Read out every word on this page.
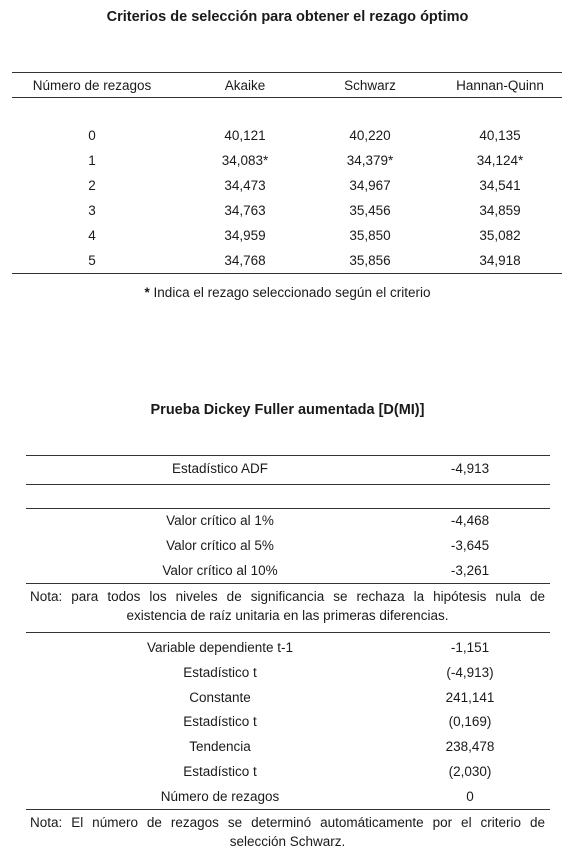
Criterios de selección para obtener el rezago óptimo
Número de rezagos	Akaike	Schwarz	Hannan-Quinn
0	40,121	40,220	40,135
1	34,083*	34,379*	34,124*
2	34,473	34,967	34,541
3	34,763	35,456	34,859
4	34,959	35,850	35,082
5	34,768	35,856	34,918
* Indica el rezago seleccionado según el criterio
Prueba Dickey Fuller aumentada [D(MI)]
Estadístico ADF	-4,913
Valor crítico al 1%	-4,468
Valor crítico al 5%	-3,645
Valor crítico al 10%	-3,261
Nota: para todos los niveles de significancia se rechaza la hipótesis nula de
existencia de raíz unitaria en las primeras diferencias.
Variable dependiente t-1	-1,151
Estadístico t	(-4,913)
Constante	241,141
Estadístico t	(0,169)
Tendencia	238,478
Estadístico t	(2,030)
Número de rezagos	0
Nota: El número de rezagos se determinó automáticamente por el criterio de
selección Schwarz.
